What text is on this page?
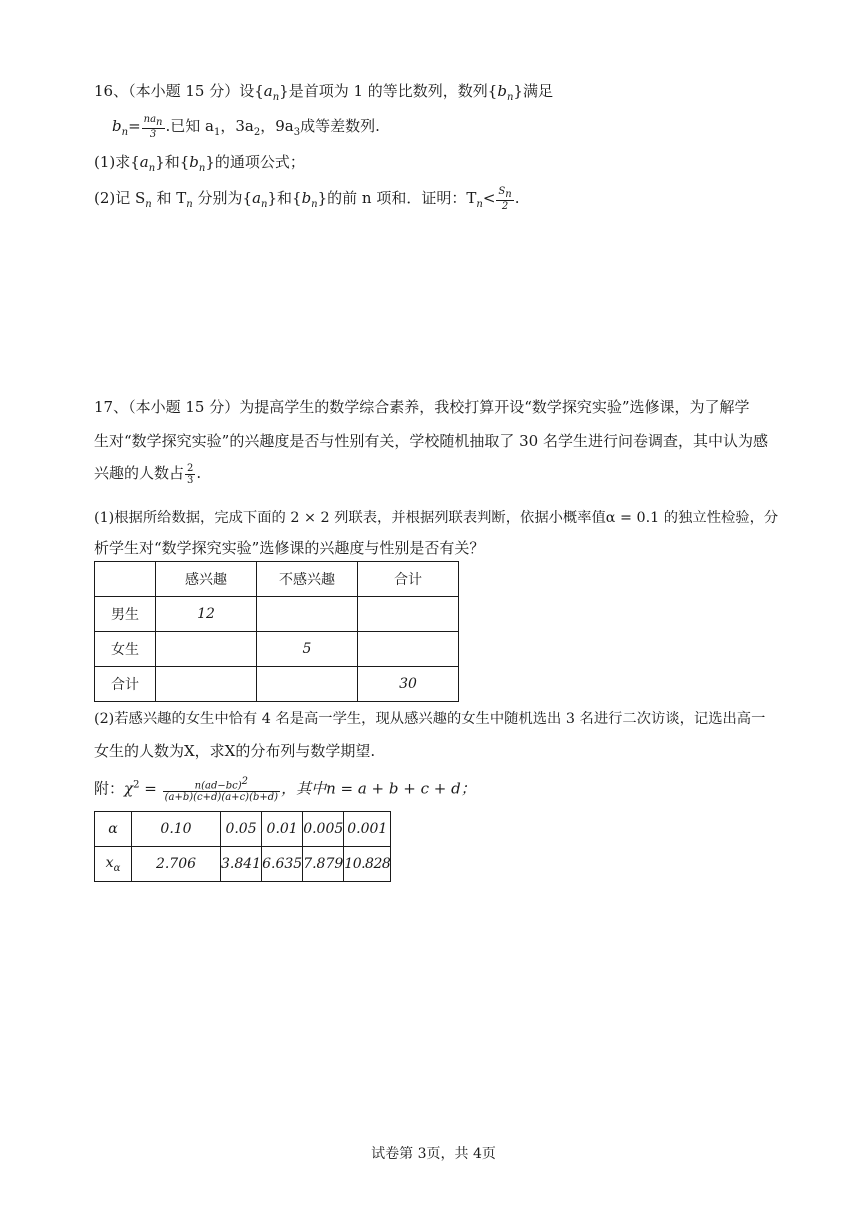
16、（本小题 15 分）设$\{a_n\}$是首项为 1 的等比数列，数列$\{b_n\}$满足
$b_n= \frac{na_n}{3}$ .已知 $a_1$，$3a_2$，$9a_3$成等差数列.
(1)求$\{a_n\}$和$\{b_n\}$的通项公式；
(2)记 $S_n$ 和 $T_n$ 分别为$\{a_n\}$和$\{b_n\}$的前 n 项和．证明：$T_n< \frac{S_n}{2}$ .
17、（本小题 15 分）为提高学生的数学综合素养，我校打算开设“数学探究实验”选修课，为了解学
生对“数学探究实验”的兴趣度是否与性别有关，学校随机抽取了 30 名学生进行问卷调查，其中认为感
兴趣的人数占 $\frac{2}{3}$ .
(1)根据所给数据，完成下面的 2 × 2 列联表，并根据列联表判断，依据小概率值α = 0.1 的独立性检验，分
析学生对“数学探究实验”选修课的兴趣度与性别是否有关？
	感兴趣	不感兴趣	合计
男生	12		
女生		5	
合计			30
(2)若感兴趣的女生中恰有 4 名是高一学生，现从感兴趣的女生中随机选出 3 名进行二次访谈，记选出高一
女生的人数为X，求X的分布列与数学期望.
附：$\chi^2 = \frac{n(ad-bc)^2}{(a+b)(c+d)(a+c)(b+d)}$ ，其中n = a + b + c + d；
α	0.10	0.05	0.01	0.005	0.001
$x_\alpha$	2.706	3.841	6.635	7.879	10.828
试卷第 3页，共 4页
